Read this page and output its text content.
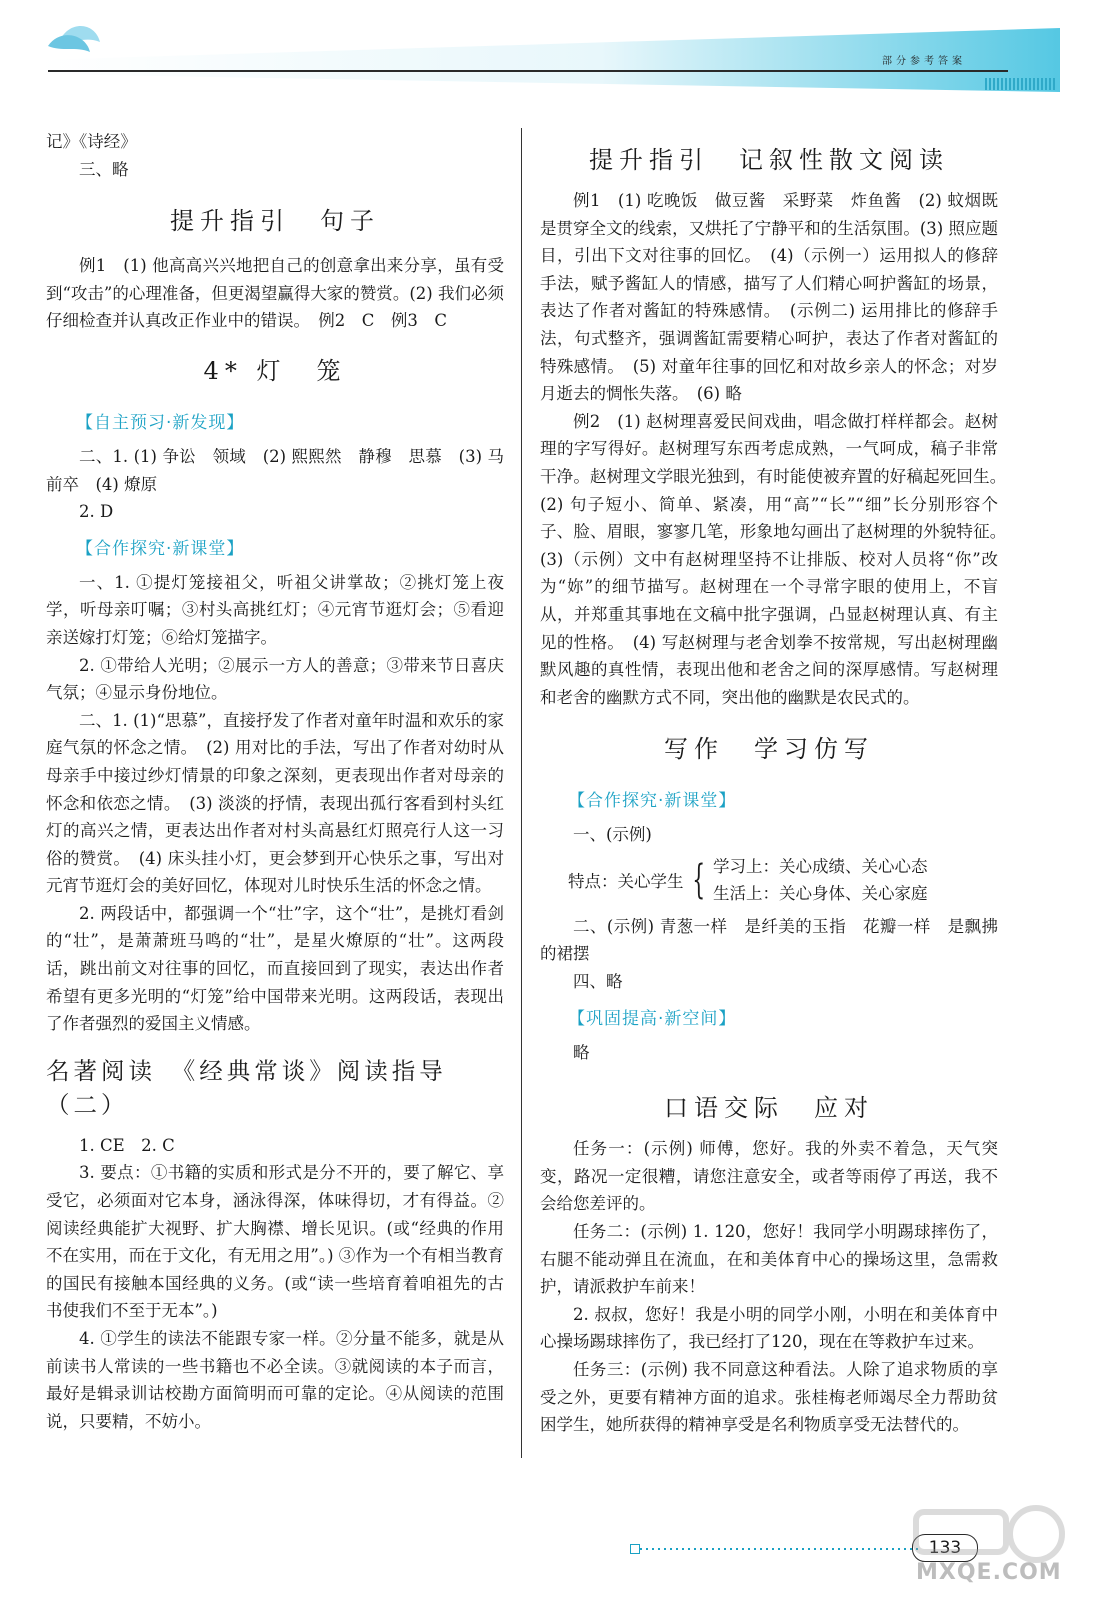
部分参考答案

记》《诗经》

三、略

提升指引　句子

例1　(1) 他高高兴兴地把自己的创意拿出来分享，虽有受到“攻击”的心理准备，但更渴望赢得大家的赞赏。(2) 我们必须仔细检查并认真改正作业中的错误。　例2　C　例3　C

4* 灯　笼
【自主预习·新发现】

二、1. (1) 争讼　领域　(2) 熙熙然　静穆　思慕　(3) 马前卒　(4) 燎原

2. D

【合作探究·新课堂】

一、1. ①提灯笼接祖父，听祖父讲掌故；②挑灯笼上夜学，听母亲叮嘱；③村头高挑红灯；④元宵节逛灯会；⑤看迎亲送嫁打灯笼；⑥给灯笼描字。

2. ①带给人光明；②展示一方人的善意；③带来节日喜庆气氛；④显示身份地位。

二、1. (1)“思慕”，直接抒发了作者对童年时温和欢乐的家庭气氛的怀念之情。　(2) 用对比的手法，写出了作者对幼时从母亲手中接过纱灯情景的印象之深刻，更表现出作者对母亲的怀念和依恋之情。　(3) 淡淡的抒情，表现出孤行客看到村头红灯的高兴之情，更表达出作者对村头高悬红灯照亮行人这一习俗的赞赏。　(4) 床头挂小灯，更会梦到开心快乐之事，写出对元宵节逛灯会的美好回忆，体现对儿时快乐生活的怀念之情。

2. 两段话中，都强调一个“壮”字，这个“壮”，是挑灯看剑的“壮”，是萧萧班马鸣的“壮”，是星火燎原的“壮”。这两段话，跳出前文对往事的回忆，而直接回到了现实，表达出作者希望有更多光明的“灯笼”给中国带来光明。这两段话，表现出了作者强烈的爱国主义情感。

名著阅读　《经典常谈》阅读指导（二）

1. CE　2. C

3. 要点：①书籍的实质和形式是分不开的，要了解它、享受它，必须面对它本身，涵泳得深，体味得切，才有得益。②阅读经典能扩大视野、扩大胸襟、增长见识。(或“经典的作用不在实用，而在于文化，有无用之用”。) ③作为一个有相当教育的国民有接触本国经典的义务。(或“读一些培育着咱祖先的古书使我们不至于无本”。)

4. ①学生的读法不能跟专家一样。②分量不能多，就是从前读书人常读的一些书籍也不必全读。③就阅读的本子而言，最好是辑录训诂校勘方面简明而可靠的定论。④从阅读的范围说，只要精，不妨小。

提升指引　记叙性散文阅读

例1　(1) 吃晚饭　做豆酱　采野菜　炸鱼酱　(2) 蚊烟既是贯穿全文的线索，又烘托了宁静平和的生活氛围。(3) 照应题目，引出下文对往事的回忆。　(4)（示例一）运用拟人的修辞手法，赋予酱缸人的情感，描写了人们精心呵护酱缸的场景，表达了作者对酱缸的特殊感情。　(示例二) 运用排比的修辞手法，句式整齐，强调酱缸需要精心呵护，表达了作者对酱缸的特殊感情。　(5) 对童年往事的回忆和对故乡亲人的怀念；对岁月逝去的惆怅失落。　(6) 略

例2　(1) 赵树理喜爱民间戏曲，唱念做打样样都会。赵树理的字写得好。赵树理写东西考虑成熟，一气呵成，稿子非常干净。赵树理文学眼光独到，有时能使被弃置的好稿起死回生。　(2) 句子短小、简单、紧凑，用“高”“长”“细”长分别形容个子、脸、眉眼，寥寥几笔，形象地勾画出了赵树理的外貌特征。　(3)（示例）文中有赵树理坚持不让排版、校对人员将“你”改为“妳”的细节描写。赵树理在一个寻常字眼的使用上，不盲从，并郑重其事地在文稿中批字强调，凸显赵树理认真、有主见的性格。　(4) 写赵树理与老舍划拳不按常规，写出赵树理幽默风趣的真性情，表现出他和老舍之间的深厚感情。写赵树理和老舍的幽默方式不同，突出他的幽默是农民式的。

写作　学习仿写
【合作探究·新课堂】

一、(示例)

特点：关心学生 { 学习上：关心成绩、关心心态
生活上：关心身体、关心家庭

二、(示例) 青葱一样　是纤美的玉指　花瓣一样　是飘拂的裙摆

四、略

【巩固提高·新空间】

略

口语交际　应对

任务一：(示例) 师傅，您好。我的外卖不着急，天气突变，路况一定很糟，请您注意安全，或者等雨停了再送，我不会给您差评的。

任务二：(示例) 1. 120，您好！我同学小明踢球摔伤了，右腿不能动弹且在流血，在和美体育中心的操场这里，急需救护，请派救护车前来！

2. 叔叔，您好！我是小明的同学小刚，小明在和美体育中心操场踢球摔伤了，我已经打了120，现在在等救护车过来。

任务三：(示例) 我不同意这种看法。人除了追求物质的享受之外，更要有精神方面的追求。张桂梅老师竭尽全力帮助贫困学生，她所获得的精神享受是名利物质享受无法替代的。

133
MXQE.COM
